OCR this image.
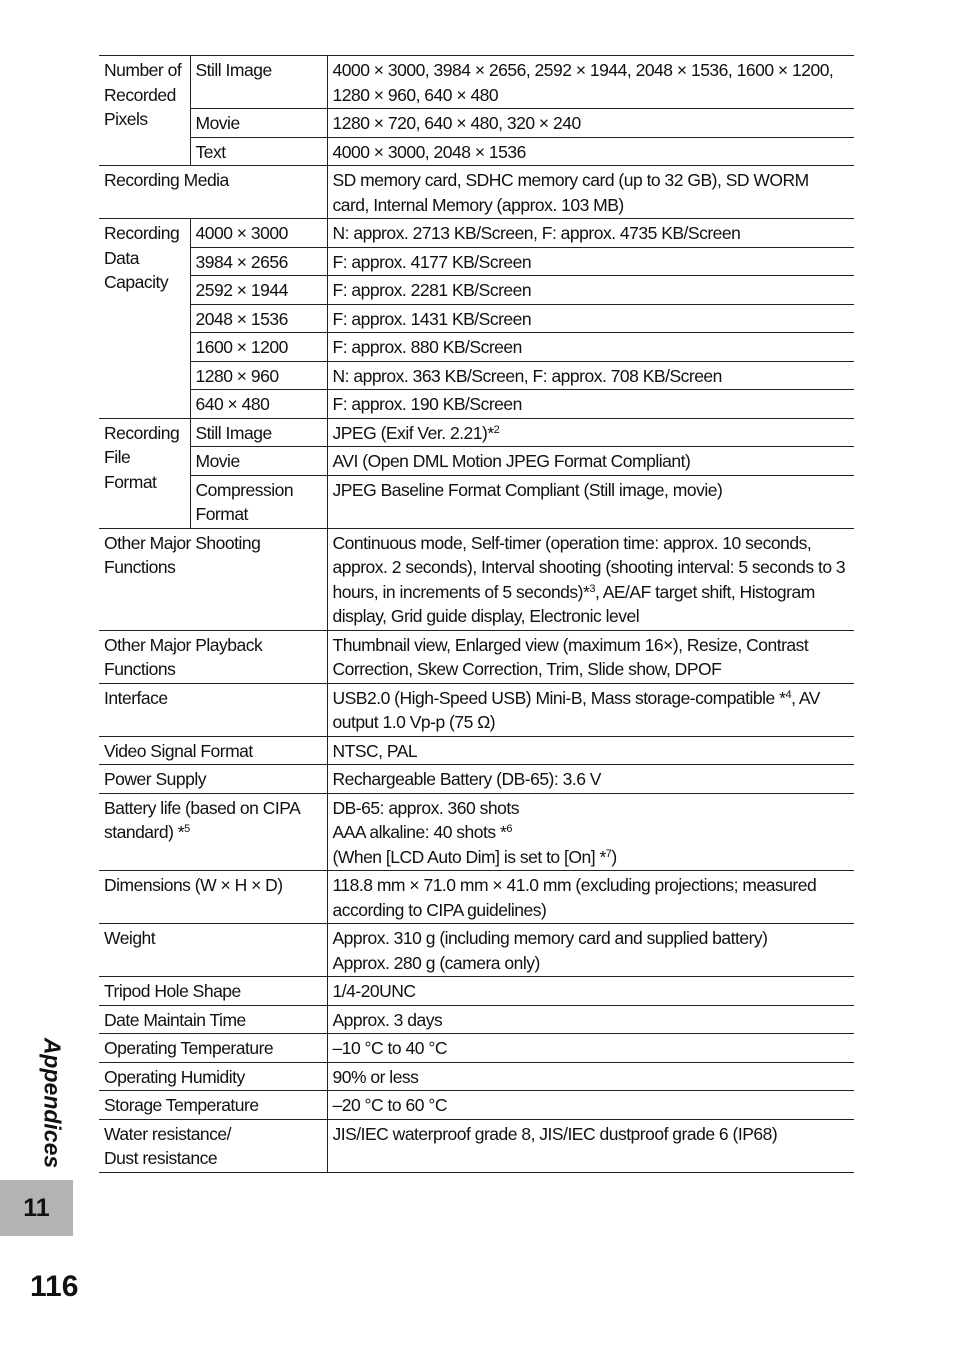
Number of Recorded Pixels	Still Image	4000 × 3000, 3984 × 2656, 2592 × 1944, 2048 × 1536, 1600 × 1200, 1280 × 960, 640 × 480
	Movie	1280 × 720, 640 × 480, 320 × 240
	Text	4000 × 3000, 2048 × 1536
Recording Media		SD memory card, SDHC memory card (up to 32 GB), SD WORM card, Internal Memory (approx. 103 MB)
Recording Data Capacity	4000 × 3000	N: approx. 2713 KB/Screen, F: approx. 4735 KB/Screen
	3984 × 2656	F: approx. 4177 KB/Screen
	2592 × 1944	F: approx. 2281 KB/Screen
	2048 × 1536	F: approx. 1431 KB/Screen
	1600 × 1200	F: approx. 880 KB/Screen
	1280 × 960	N: approx. 363 KB/Screen, F: approx. 708 KB/Screen
	640 × 480	F: approx. 190 KB/Screen
Recording File Format	Still Image	JPEG (Exif Ver. 2.21)*$^2$
	Movie	AVI (Open DML Motion JPEG Format Compliant)
	Compression Format	JPEG Baseline Format Compliant (Still image, movie)
Other Major Shooting Functions		Continuous mode, Self-timer (operation time: approx. 10 seconds, approx. 2 seconds), Interval shooting (shooting interval: 5 seconds to 3 hours, in increments of 5 seconds)*$^3$, AE/AF target shift, Histogram display, Grid guide display, Electronic level
Other Major Playback Functions		Thumbnail view, Enlarged view (maximum 16×), Resize, Contrast Correction, Skew Correction, Trim, Slide show, DPOF
Interface		USB2.0 (High-Speed USB) Mini-B, Mass storage-compatible *$^4$, AV output 1.0 Vp-p (75 Ω)
Video Signal Format		NTSC, PAL
Power Supply		Rechargeable Battery (DB-65): 3.6 V
Battery life (based on CIPA standard) *$^5$		DB-65: approx. 360 shots
AAA alkaline: 40 shots *$^6$
(When [LCD Auto Dim] is set to [On] *$^7$)

Dimensions (W × H × D)		118.8 mm × 71.0 mm × 41.0 mm (excluding projections; measured according to CIPA guidelines)
Weight		Approx. 310 g (including memory card and supplied battery)
Approx. 280 g (camera only)

Tripod Hole Shape		1/4-20UNC
Date Maintain Time		Approx. 3 days
Operating Temperature		–10 °C to 40 °C
Operating Humidity		90% or less
Storage Temperature		–20 °C to 60 °C

Water resistance/
Dust resistance		JIS/IEC waterproof grade 8, JIS/IEC dustproof grade 6 (IP68)
Appendices
11
116
